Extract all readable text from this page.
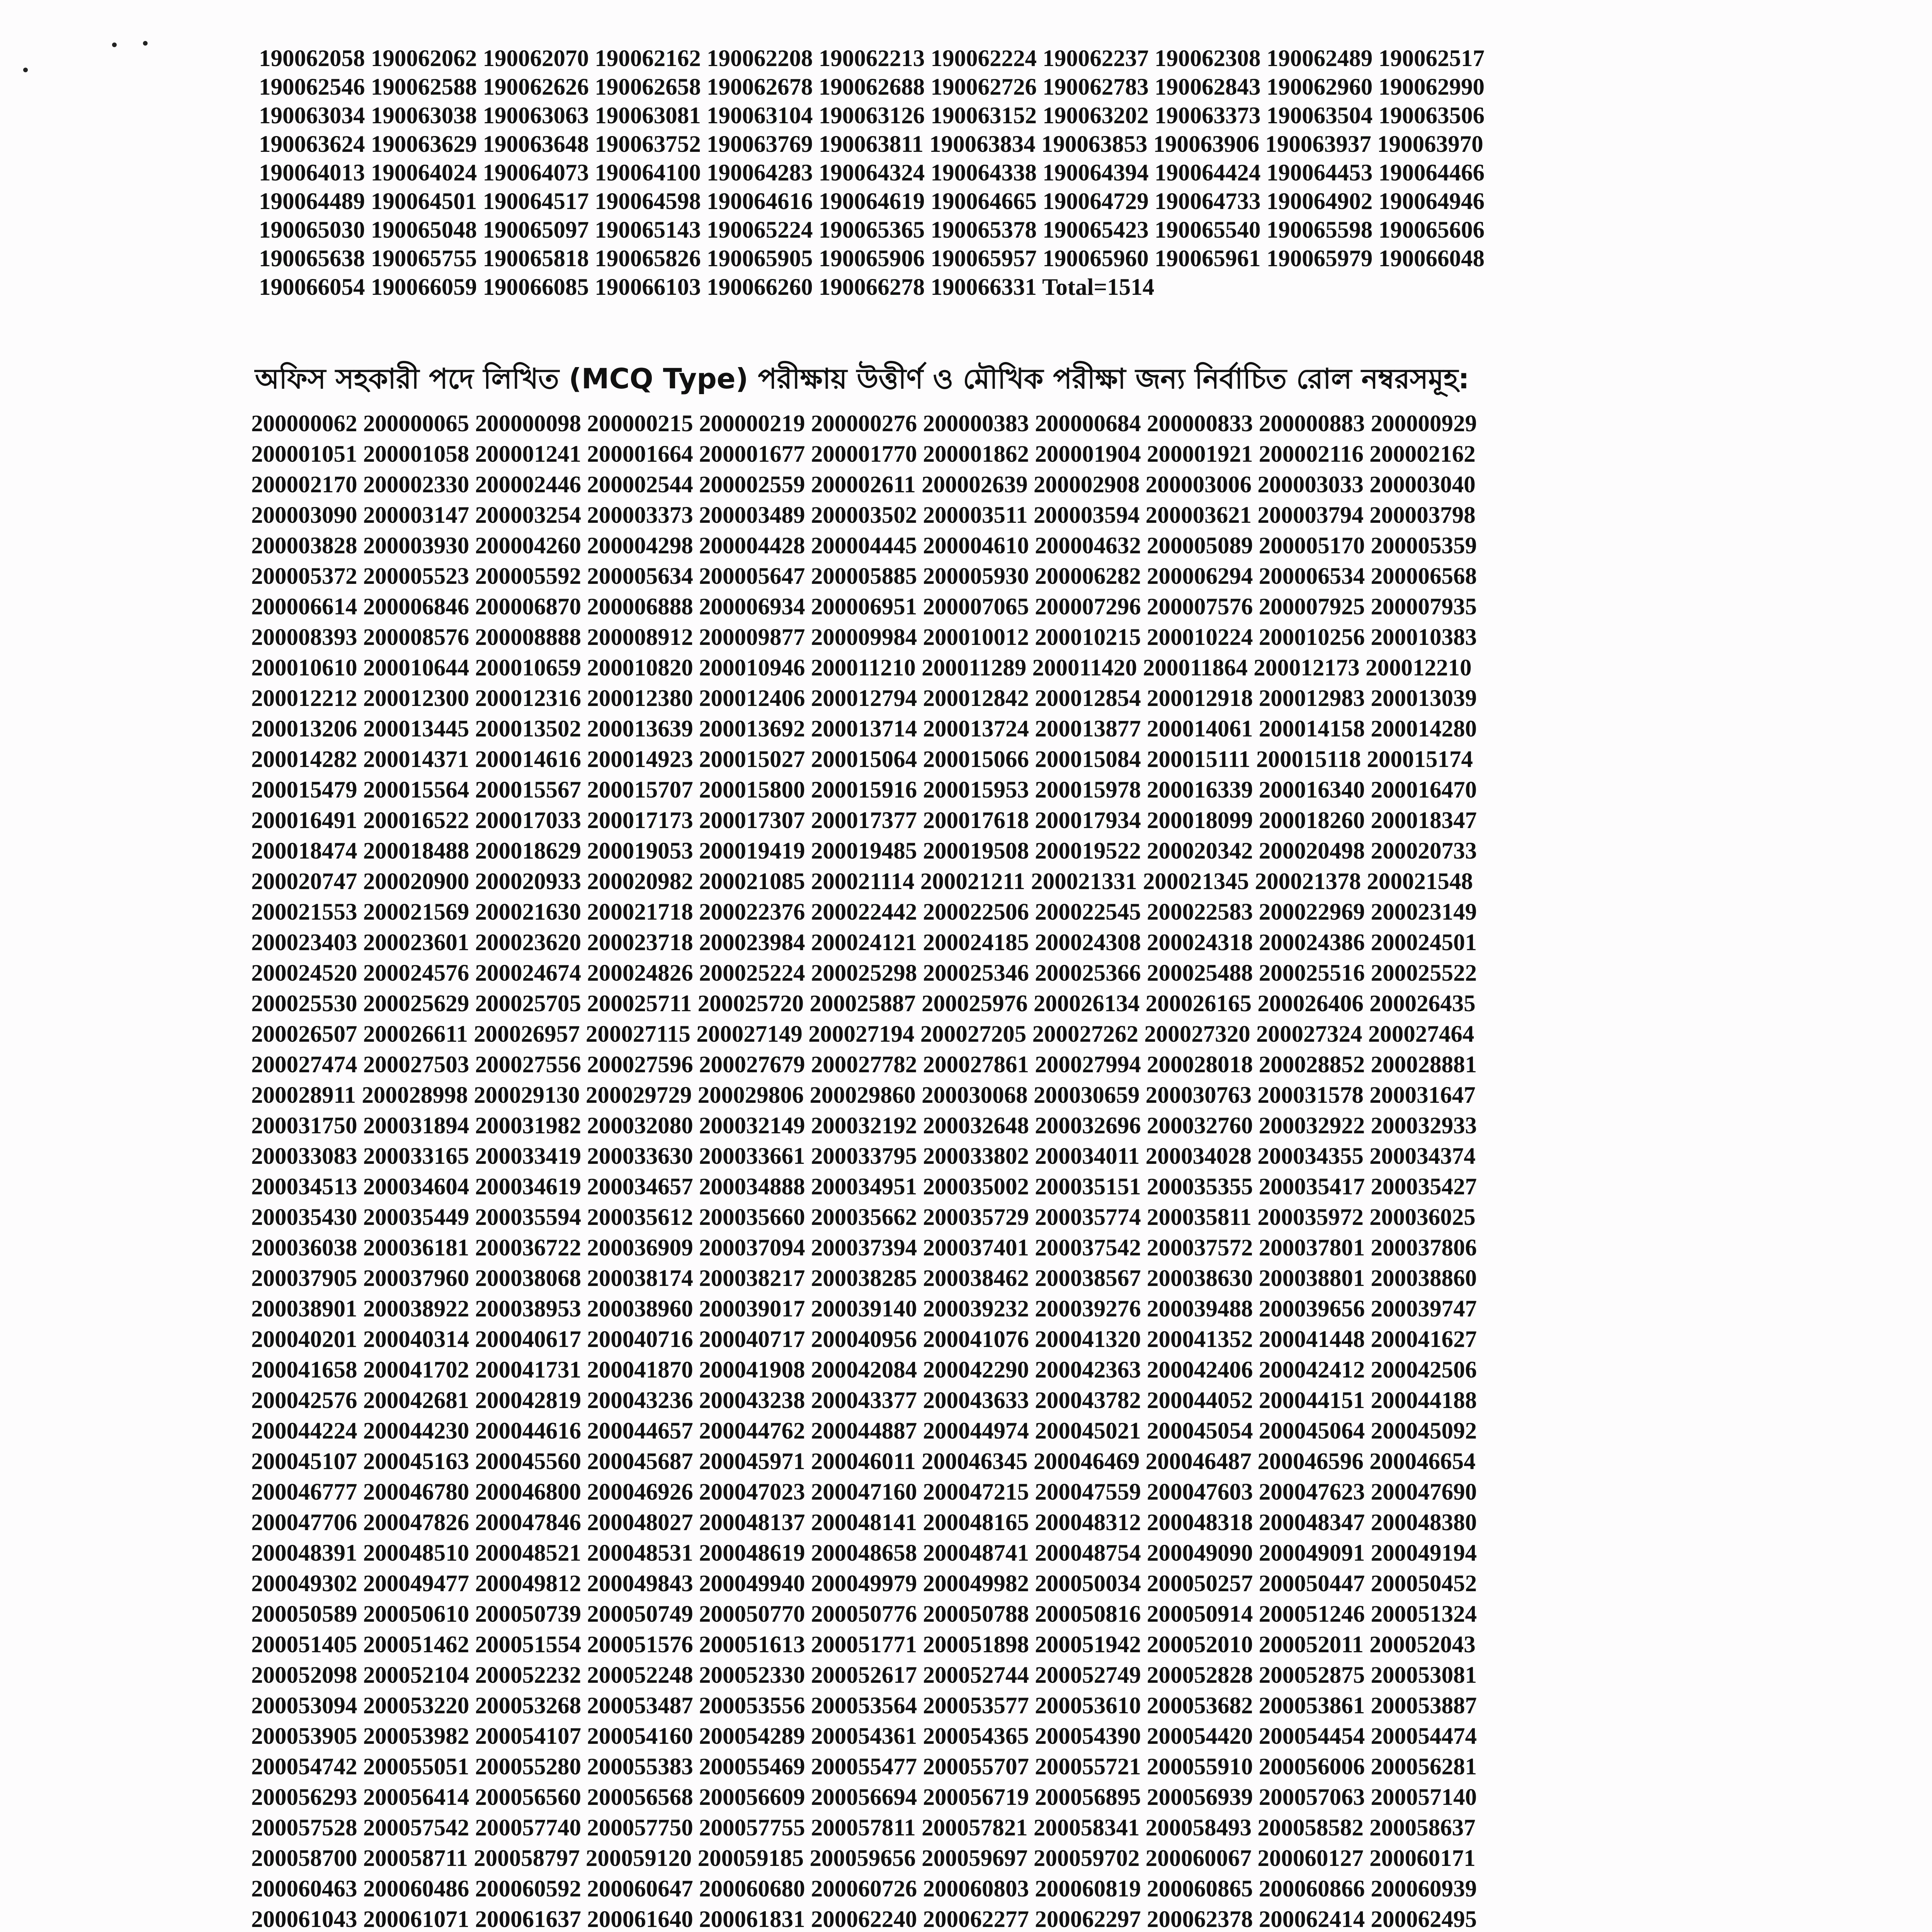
190062058 190062062 190062070 190062162 190062208 190062213 190062224 190062237 190062308 190062489 190062517
190062546 190062588 190062626 190062658 190062678 190062688 190062726 190062783 190062843 190062960 190062990
190063034 190063038 190063063 190063081 190063104 190063126 190063152 190063202 190063373 190063504 190063506
190063624 190063629 190063648 190063752 190063769 190063811 190063834 190063853 190063906 190063937 190063970
190064013 190064024 190064073 190064100 190064283 190064324 190064338 190064394 190064424 190064453 190064466
190064489 190064501 190064517 190064598 190064616 190064619 190064665 190064729 190064733 190064902 190064946
190065030 190065048 190065097 190065143 190065224 190065365 190065378 190065423 190065540 190065598 190065606
190065638 190065755 190065818 190065826 190065905 190065906 190065957 190065960 190065961 190065979 190066048
190066054 190066059 190066085 190066103 190066260 190066278 190066331 Total=1514
অফিস সহকারী পদে লিখিত (MCQ Type) পরীক্ষায় উত্তীর্ণ ও মৌখিক পরীক্ষা জন্য নির্বাচিত রোল নম্বরসমূহ:
200000062 200000065 200000098 200000215 200000219 200000276 200000383 200000684 200000833 200000883 200000929
200001051 200001058 200001241 200001664 200001677 200001770 200001862 200001904 200001921 200002116 200002162
200002170 200002330 200002446 200002544 200002559 200002611 200002639 200002908 200003006 200003033 200003040
200003090 200003147 200003254 200003373 200003489 200003502 200003511 200003594 200003621 200003794 200003798
200003828 200003930 200004260 200004298 200004428 200004445 200004610 200004632 200005089 200005170 200005359
200005372 200005523 200005592 200005634 200005647 200005885 200005930 200006282 200006294 200006534 200006568
200006614 200006846 200006870 200006888 200006934 200006951 200007065 200007296 200007576 200007925 200007935
200008393 200008576 200008888 200008912 200009877 200009984 200010012 200010215 200010224 200010256 200010383
200010610 200010644 200010659 200010820 200010946 200011210 200011289 200011420 200011864 200012173 200012210
200012212 200012300 200012316 200012380 200012406 200012794 200012842 200012854 200012918 200012983 200013039
200013206 200013445 200013502 200013639 200013692 200013714 200013724 200013877 200014061 200014158 200014280
200014282 200014371 200014616 200014923 200015027 200015064 200015066 200015084 200015111 200015118 200015174
200015479 200015564 200015567 200015707 200015800 200015916 200015953 200015978 200016339 200016340 200016470
200016491 200016522 200017033 200017173 200017307 200017377 200017618 200017934 200018099 200018260 200018347
200018474 200018488 200018629 200019053 200019419 200019485 200019508 200019522 200020342 200020498 200020733
200020747 200020900 200020933 200020982 200021085 200021114 200021211 200021331 200021345 200021378 200021548
200021553 200021569 200021630 200021718 200022376 200022442 200022506 200022545 200022583 200022969 200023149
200023403 200023601 200023620 200023718 200023984 200024121 200024185 200024308 200024318 200024386 200024501
200024520 200024576 200024674 200024826 200025224 200025298 200025346 200025366 200025488 200025516 200025522
200025530 200025629 200025705 200025711 200025720 200025887 200025976 200026134 200026165 200026406 200026435
200026507 200026611 200026957 200027115 200027149 200027194 200027205 200027262 200027320 200027324 200027464
200027474 200027503 200027556 200027596 200027679 200027782 200027861 200027994 200028018 200028852 200028881
200028911 200028998 200029130 200029729 200029806 200029860 200030068 200030659 200030763 200031578 200031647
200031750 200031894 200031982 200032080 200032149 200032192 200032648 200032696 200032760 200032922 200032933
200033083 200033165 200033419 200033630 200033661 200033795 200033802 200034011 200034028 200034355 200034374
200034513 200034604 200034619 200034657 200034888 200034951 200035002 200035151 200035355 200035417 200035427
200035430 200035449 200035594 200035612 200035660 200035662 200035729 200035774 200035811 200035972 200036025
200036038 200036181 200036722 200036909 200037094 200037394 200037401 200037542 200037572 200037801 200037806
200037905 200037960 200038068 200038174 200038217 200038285 200038462 200038567 200038630 200038801 200038860
200038901 200038922 200038953 200038960 200039017 200039140 200039232 200039276 200039488 200039656 200039747
200040201 200040314 200040617 200040716 200040717 200040956 200041076 200041320 200041352 200041448 200041627
200041658 200041702 200041731 200041870 200041908 200042084 200042290 200042363 200042406 200042412 200042506
200042576 200042681 200042819 200043236 200043238 200043377 200043633 200043782 200044052 200044151 200044188
200044224 200044230 200044616 200044657 200044762 200044887 200044974 200045021 200045054 200045064 200045092
200045107 200045163 200045560 200045687 200045971 200046011 200046345 200046469 200046487 200046596 200046654
200046777 200046780 200046800 200046926 200047023 200047160 200047215 200047559 200047603 200047623 200047690
200047706 200047826 200047846 200048027 200048137 200048141 200048165 200048312 200048318 200048347 200048380
200048391 200048510 200048521 200048531 200048619 200048658 200048741 200048754 200049090 200049091 200049194
200049302 200049477 200049812 200049843 200049940 200049979 200049982 200050034 200050257 200050447 200050452
200050589 200050610 200050739 200050749 200050770 200050776 200050788 200050816 200050914 200051246 200051324
200051405 200051462 200051554 200051576 200051613 200051771 200051898 200051942 200052010 200052011 200052043
200052098 200052104 200052232 200052248 200052330 200052617 200052744 200052749 200052828 200052875 200053081
200053094 200053220 200053268 200053487 200053556 200053564 200053577 200053610 200053682 200053861 200053887
200053905 200053982 200054107 200054160 200054289 200054361 200054365 200054390 200054420 200054454 200054474
200054742 200055051 200055280 200055383 200055469 200055477 200055707 200055721 200055910 200056006 200056281
200056293 200056414 200056560 200056568 200056609 200056694 200056719 200056895 200056939 200057063 200057140
200057528 200057542 200057740 200057750 200057755 200057811 200057821 200058341 200058493 200058582 200058637
200058700 200058711 200058797 200059120 200059185 200059656 200059697 200059702 200060067 200060127 200060171
200060463 200060486 200060592 200060647 200060680 200060726 200060803 200060819 200060865 200060866 200060939
200061043 200061071 200061637 200061640 200061831 200062240 200062277 200062297 200062378 200062414 200062495
